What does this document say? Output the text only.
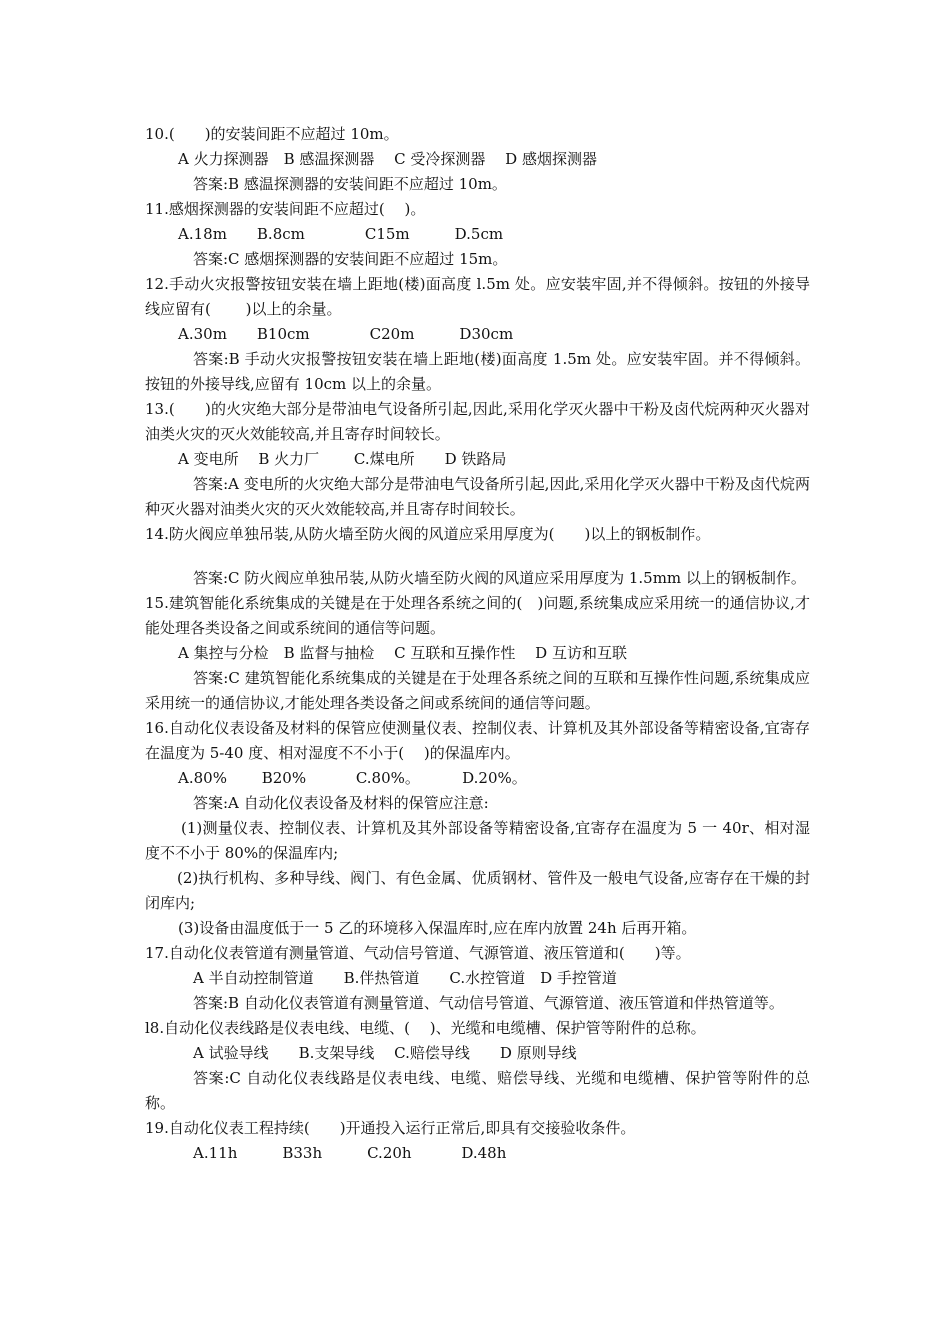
10.(　　)的安装间距不应超过 10m。
A 火力探测器　B 感温探测器　 C 受冷探测器　 D 感烟探测器
答案:B 感温探测器的安装间距不应超过 10m。
11.感烟探测器的安装间距不应超过(　 )。
A.18m　　B.8cm　　　　C15m　　　D.5cm
答案:C 感烟探测器的安装间距不应超过 15m。
12.手动火灾报警按钮安装在墙上距地(楼)面高度 l.5m 处。应安装牢固,并不得倾斜。按钮的外接导线应留有(　　 )以上的余量。
A.30m　　B10cm　　　　C20m　　　D30cm
答案:B 手动火灾报警按钮安装在墙上距地(楼)面高度 1.5m 处。应安装牢固。并不得倾斜。按钮的外接导线,应留有 10cm 以上的余量。
13.(　　)的火灾绝大部分是带油电气设备所引起,因此,采用化学灭火器中干粉及卤代烷两种灭火器对油类火灾的灭火效能较高,并且寄存时间较长。
A 变电所　 B 火力厂　　 C.煤电所　　D 铁路局
答案:A 变电所的火灾绝大部分是带油电气设备所引起,因此,采用化学灭火器中干粉及卤代烷两种灭火器对油类火灾的灭火效能较高,并且寄存时间较长。
14.防火阀应单独吊装,从防火墙至防火阀的风道应采用厚度为(　　)以上的钢板制作。
答案:C 防火阀应单独吊装,从防火墙至防火阀的风道应采用厚度为 1.5mm 以上的钢板制作。
15.建筑智能化系统集成的关键是在于处理各系统之间的(　)问题,系统集成应采用统一的通信协议,才能处理各类设备之间或系统间的通信等问题。
A 集控与分检　B 监督与抽检　 C 互联和互操作性　 D 互访和互联
答案:C 建筑智能化系统集成的关键是在于处理各系统之间的互联和互操作性问题,系统集成应采用统一的通信协议,才能处理各类设备之间或系统间的通信等问题。
16.自动化仪表设备及材料的保管应使测量仪表、控制仪表、计算机及其外部设备等精密设备,宜寄存在温度为 5-40 度、相对湿度不不小于(　 )的保温库内。
A.80%　　 B20%　　　 C.80%。　　　 D.20%。
答案:A 自动化仪表设备及材料的保管应注意:
(1)测量仪表、控制仪表、计算机及其外部设备等精密设备,宜寄存在温度为 5 一 40r、相对湿度不不小于 80%的保温库内;
(2)执行机构、多种导线、阀门、有色金属、优质钢材、管件及一般电气设备,应寄存在干燥的封闭库内;
(3)设备由温度低于一 5 乙的环境移入保温库时,应在库内放置 24h 后再开箱。
17.自动化仪表管道有测量管道、气动信号管道、气源管道、液压管道和(　　)等。
A 半自动控制管道　　B.伴热管道　　C.水控管道　D 手控管道
答案:B 自动化仪表管道有测量管道、气动信号管道、气源管道、液压管道和伴热管道等。
l8.自动化仪表线路是仪表电线、电缆、(　 )、光缆和电缆槽、保护管等附件的总称。
A 试验导线　　B.支架导线　 C.赔偿导线　　D 原则导线
答案:C 自动化仪表线路是仪表电线、电缆、赔偿导线、光缆和电缆槽、保护管等附件的总称。
19.自动化仪表工程持续(　　)开通投入运行正常后,即具有交接验收条件。
A.11h　　　B33h　　　C.20h　　　 D.48h
